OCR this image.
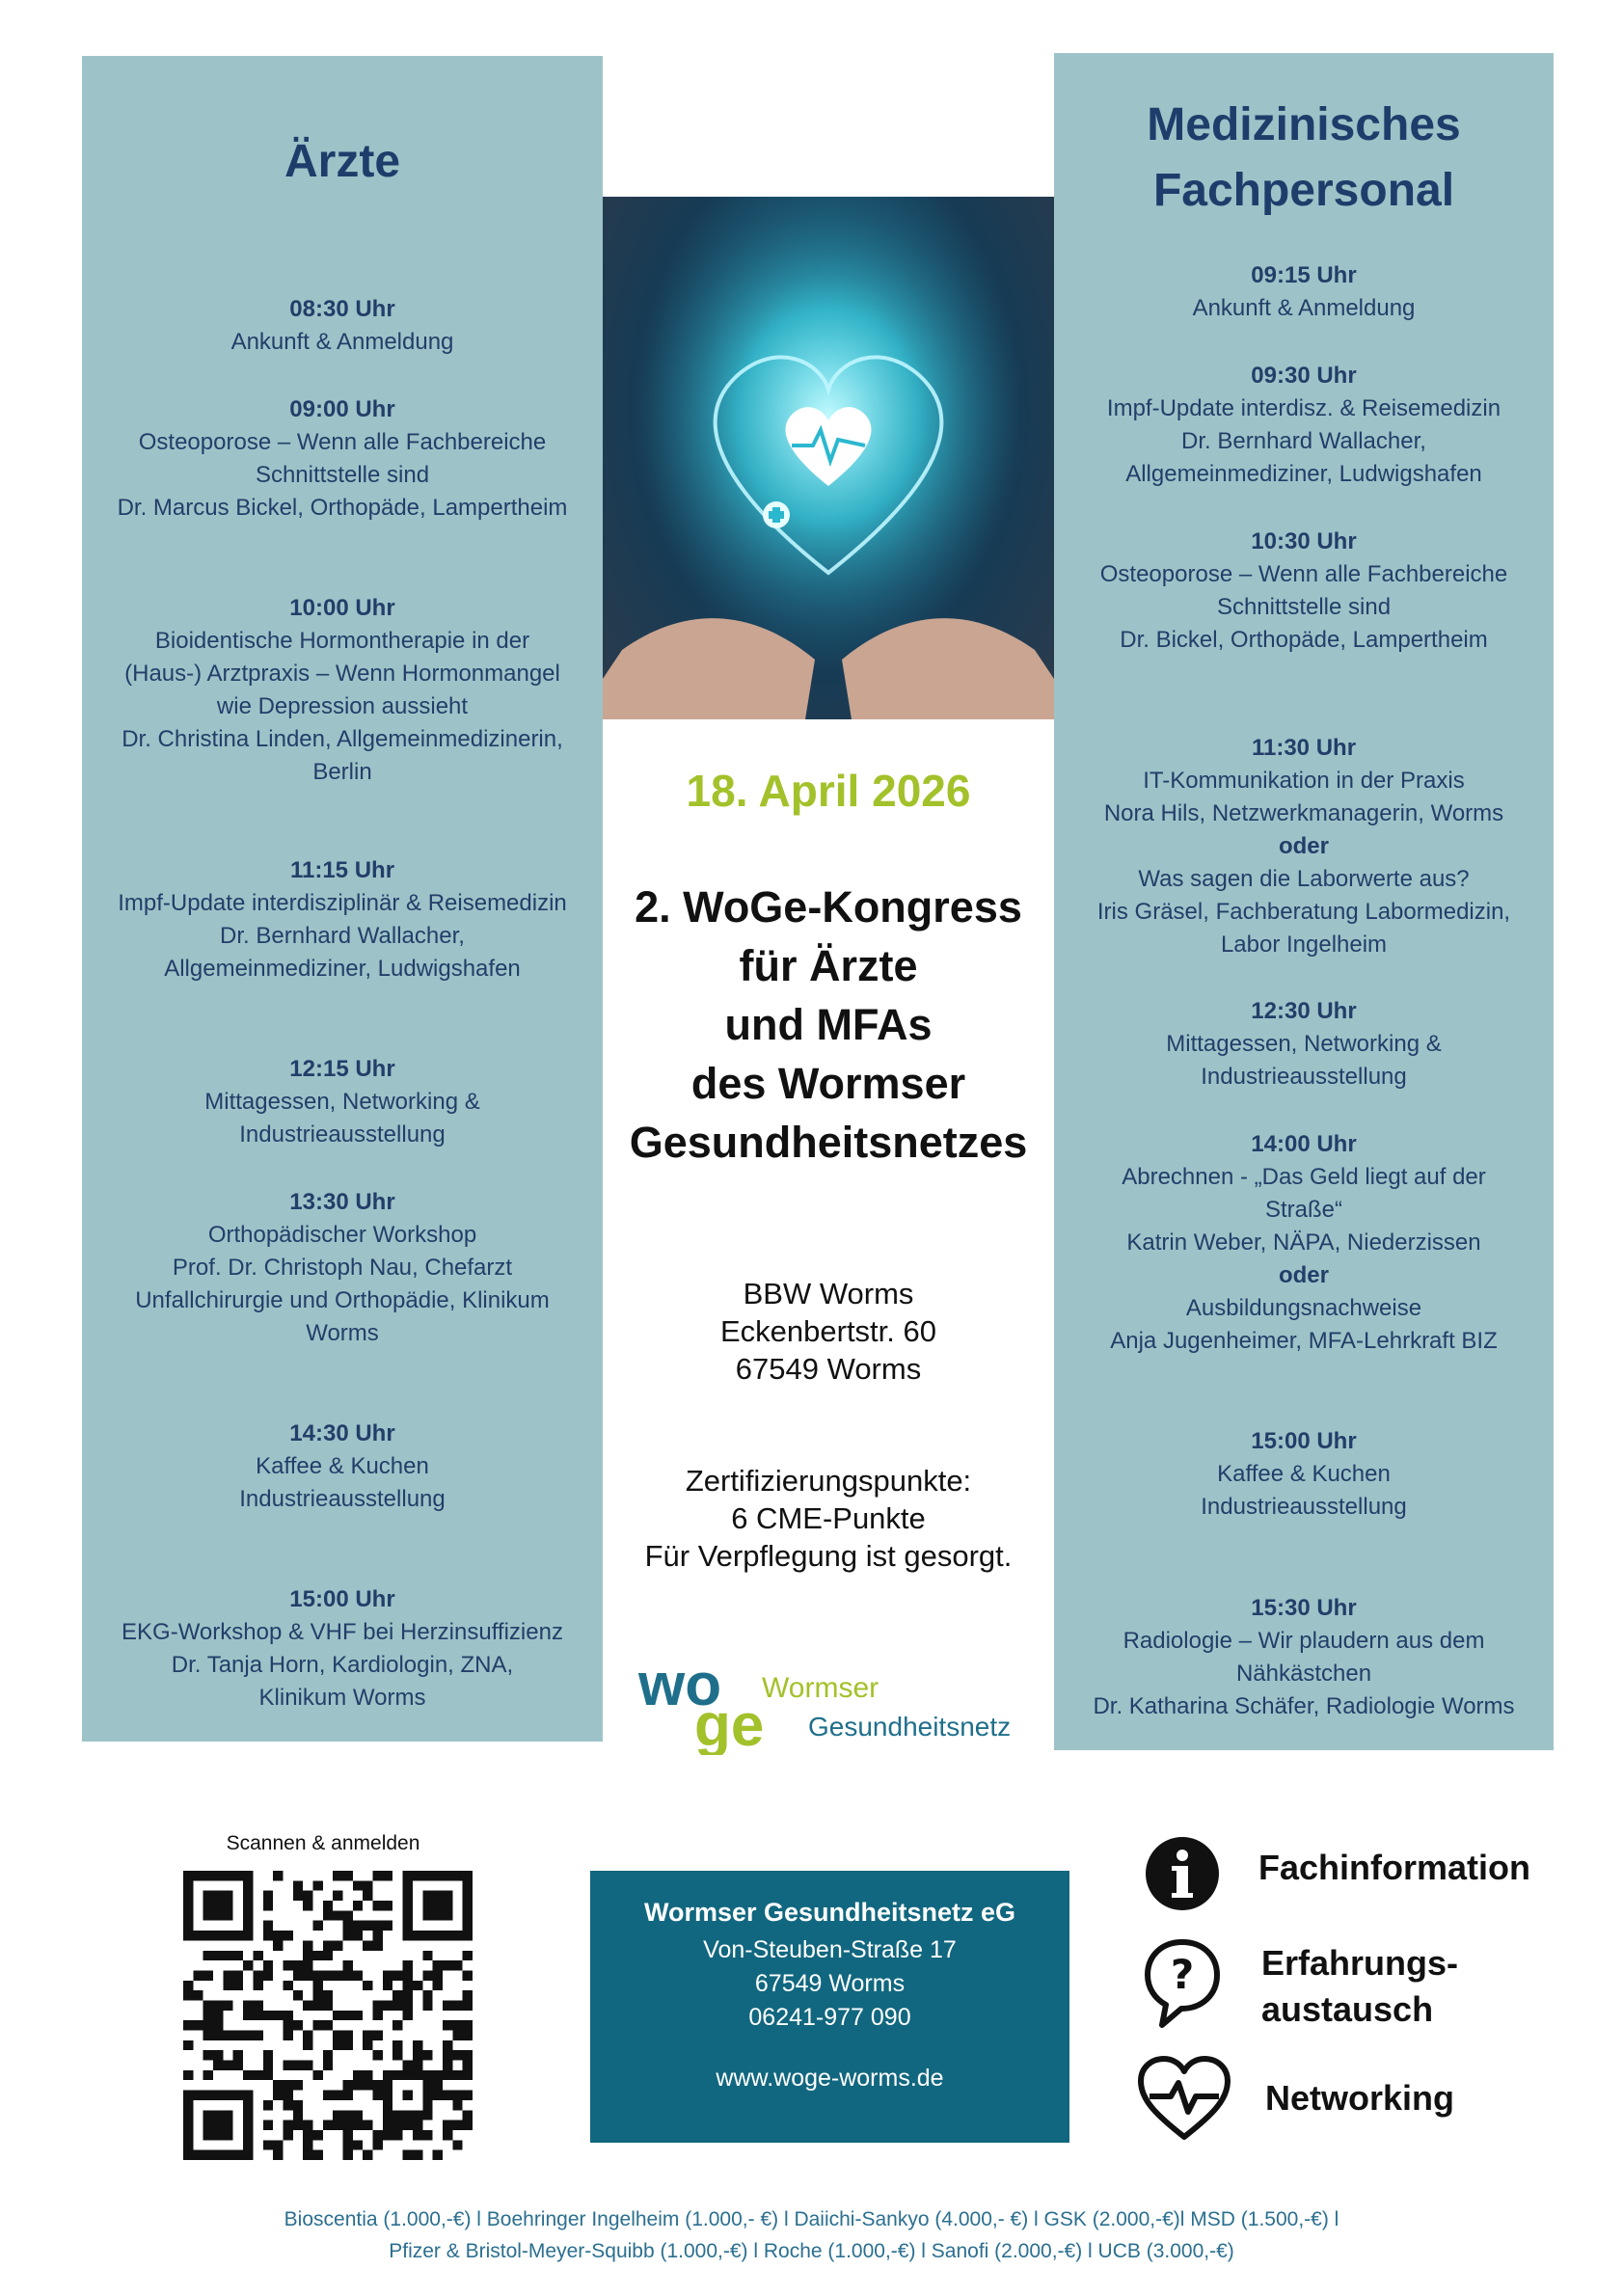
Ärzte
08:30 Uhr
Ankunft & Anmeldung
09:00 Uhr
Osteoporose – Wenn alle Fachbereiche
Schnittstelle sind
Dr. Marcus Bickel, Orthopäde, Lampertheim
10:00 Uhr
Bioidentische Hormontherapie in der
(Haus-) Arztpraxis – Wenn Hormonmangel
wie Depression aussieht
Dr. Christina Linden, Allgemeinmedizinerin,
Berlin
11:15 Uhr
Impf-Update interdisziplinär & Reisemedizin
Dr. Bernhard Wallacher,
Allgemeinmediziner, Ludwigshafen
12:15 Uhr
Mittagessen, Networking &
Industrieausstellung
13:30 Uhr
Orthopädischer Workshop
Prof. Dr. Christoph Nau, Chefarzt
Unfallchirurgie und Orthopädie, Klinikum
Worms
14:30 Uhr
Kaffee & Kuchen
Industrieausstellung
15:00 Uhr
EKG-Workshop & VHF bei Herzinsuffizienz
Dr. Tanja Horn, Kardiologin, ZNA,
Klinikum Worms
Medizinisches
Fachpersonal
09:15 Uhr
Ankunft & Anmeldung
09:30 Uhr
Impf-Update interdisz. & Reisemedizin
Dr. Bernhard Wallacher,
Allgemeinmediziner, Ludwigshafen
10:30 Uhr
Osteoporose – Wenn alle Fachbereiche
Schnittstelle sind
Dr. Bickel, Orthopäde, Lampertheim
11:30 Uhr
IT-Kommunikation in der Praxis
Nora Hils, Netzwerkmanagerin, Worms
oder
Was sagen die Laborwerte aus?
Iris Gräsel, Fachberatung Labormedizin,
Labor Ingelheim
12:30 Uhr
Mittagessen, Networking &
Industrieausstellung
14:00 Uhr
Abrechnen - „Das Geld liegt auf der
Straße“
Katrin Weber, NÄPA, Niederzissen
oder
Ausbildungsnachweise
Anja Jugenheimer, MFA-Lehrkraft BIZ
15:00 Uhr
Kaffee & Kuchen
Industrieausstellung
15:30 Uhr
Radiologie – Wir plaudern aus dem
Nähkästchen
Dr. Katharina Schäfer, Radiologie Worms
18. April 2026
2. WoGe-Kongress
für Ärzte
und MFAs
des Wormser
Gesundheitsnetzes
BBW Worms
Eckenbertstr. 60
67549 Worms
Zertifizierungspunkte:
6 CME-Punkte
Für Verpflegung ist gesorgt.
wo
ge
Wormser
Gesundheitsnetz
Scannen & anmelden
Wormser Gesundheitsnetz eG
Von-Steuben-Straße 17
67549 Worms
06241-977 090
www.woge-worms.de
Fachinformation
? Erfahrungs-
austausch
Networking
Bioscentia (1.000,-€) l Boehringer Ingelheim (1.000,- €) l Daiichi-Sankyo (4.000,- €) l GSK (2.000,-€)l MSD (1.500,-€) l
Pfizer & Bristol-Meyer-Squibb (1.000,-€) l Roche (1.000,-€) l Sanofi (2.000,-€) l UCB (3.000,-€)
